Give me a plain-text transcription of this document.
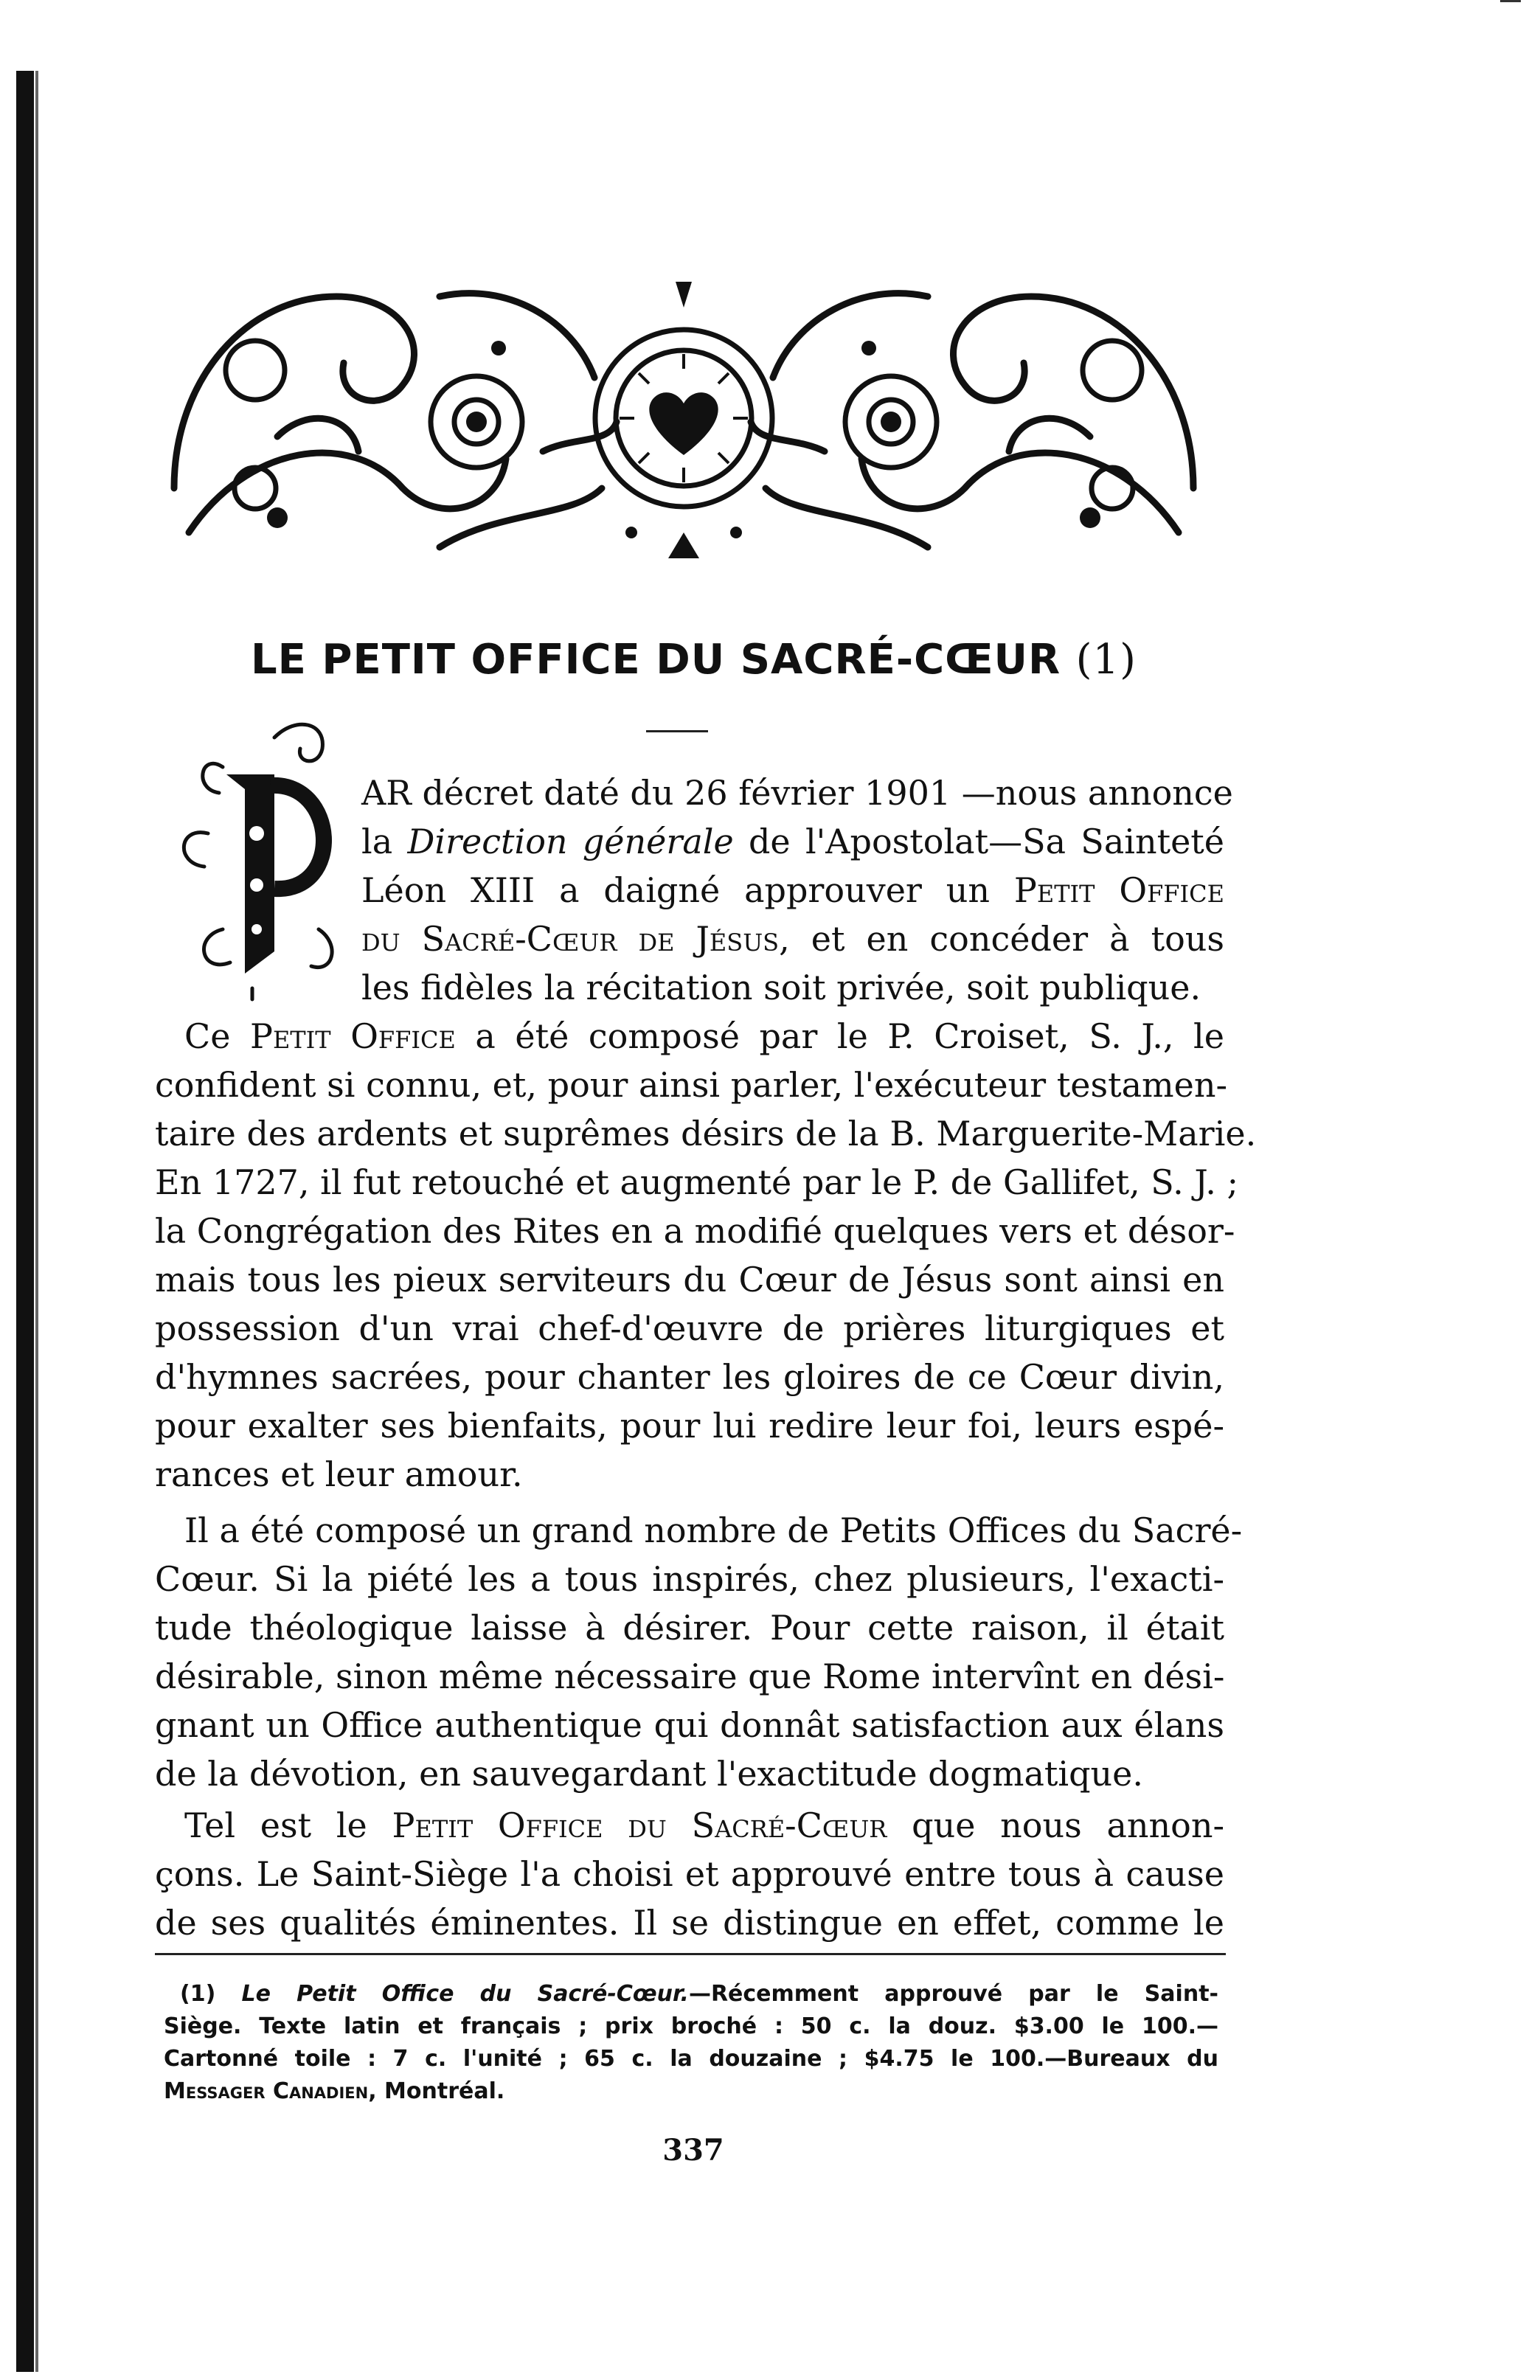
LE PETIT OFFICE DU SACRÉ-CŒUR (1)
AR décret daté du 26 février 1901 —nous annonce
la Direction générale de l'Apostolat—Sa Sainteté
Léon XIII a daigné approuver un Petit Office
du Sacré-Cœur de Jésus, et en concéder à tous
les fidèles la récitation soit privée, soit publique.
Ce Petit Office a été composé par le P. Croiset, S. J., le
confident si connu, et, pour ainsi parler, l'exécuteur testamen-
taire des ardents et suprêmes désirs de la B. Marguerite-Marie.
En 1727, il fut retouché et augmenté par le P. de Gallifet, S. J. ;
la Congrégation des Rites en a modifié quelques vers et désor-
mais tous les pieux serviteurs du Cœur de Jésus sont ainsi en
possession d'un vrai chef-d'œuvre de prières liturgiques et
d'hymnes sacrées, pour chanter les gloires de ce Cœur divin,
pour exalter ses bienfaits, pour lui redire leur foi, leurs espé-
rances et leur amour.
Il a été composé un grand nombre de Petits Offices du Sacré-
Cœur. Si la piété les a tous inspirés, chez plusieurs, l'exacti-
tude théologique laisse à désirer. Pour cette raison, il était
désirable, sinon même nécessaire que Rome intervînt en dési-
gnant un Office authentique qui donnât satisfaction aux élans
de la dévotion, en sauvegardant l'exactitude dogmatique.
Tel est le Petit Office du Sacré-Cœur que nous annon-
çons. Le Saint-Siège l'a choisi et approuvé entre tous à cause
de ses qualités éminentes. Il se distingue en effet, comme le
(1) Le Petit Office du Sacré-Cœur.—Récemment approuvé par le Saint-
Siège. Texte latin et français ; prix broché : 50 c. la douz. $3.00 le 100.—
Cartonné toile : 7 c. l'unité ; 65 c. la douzaine ; $4.75 le 100.—Bureaux du
Messager Canadien, Montréal.
337
